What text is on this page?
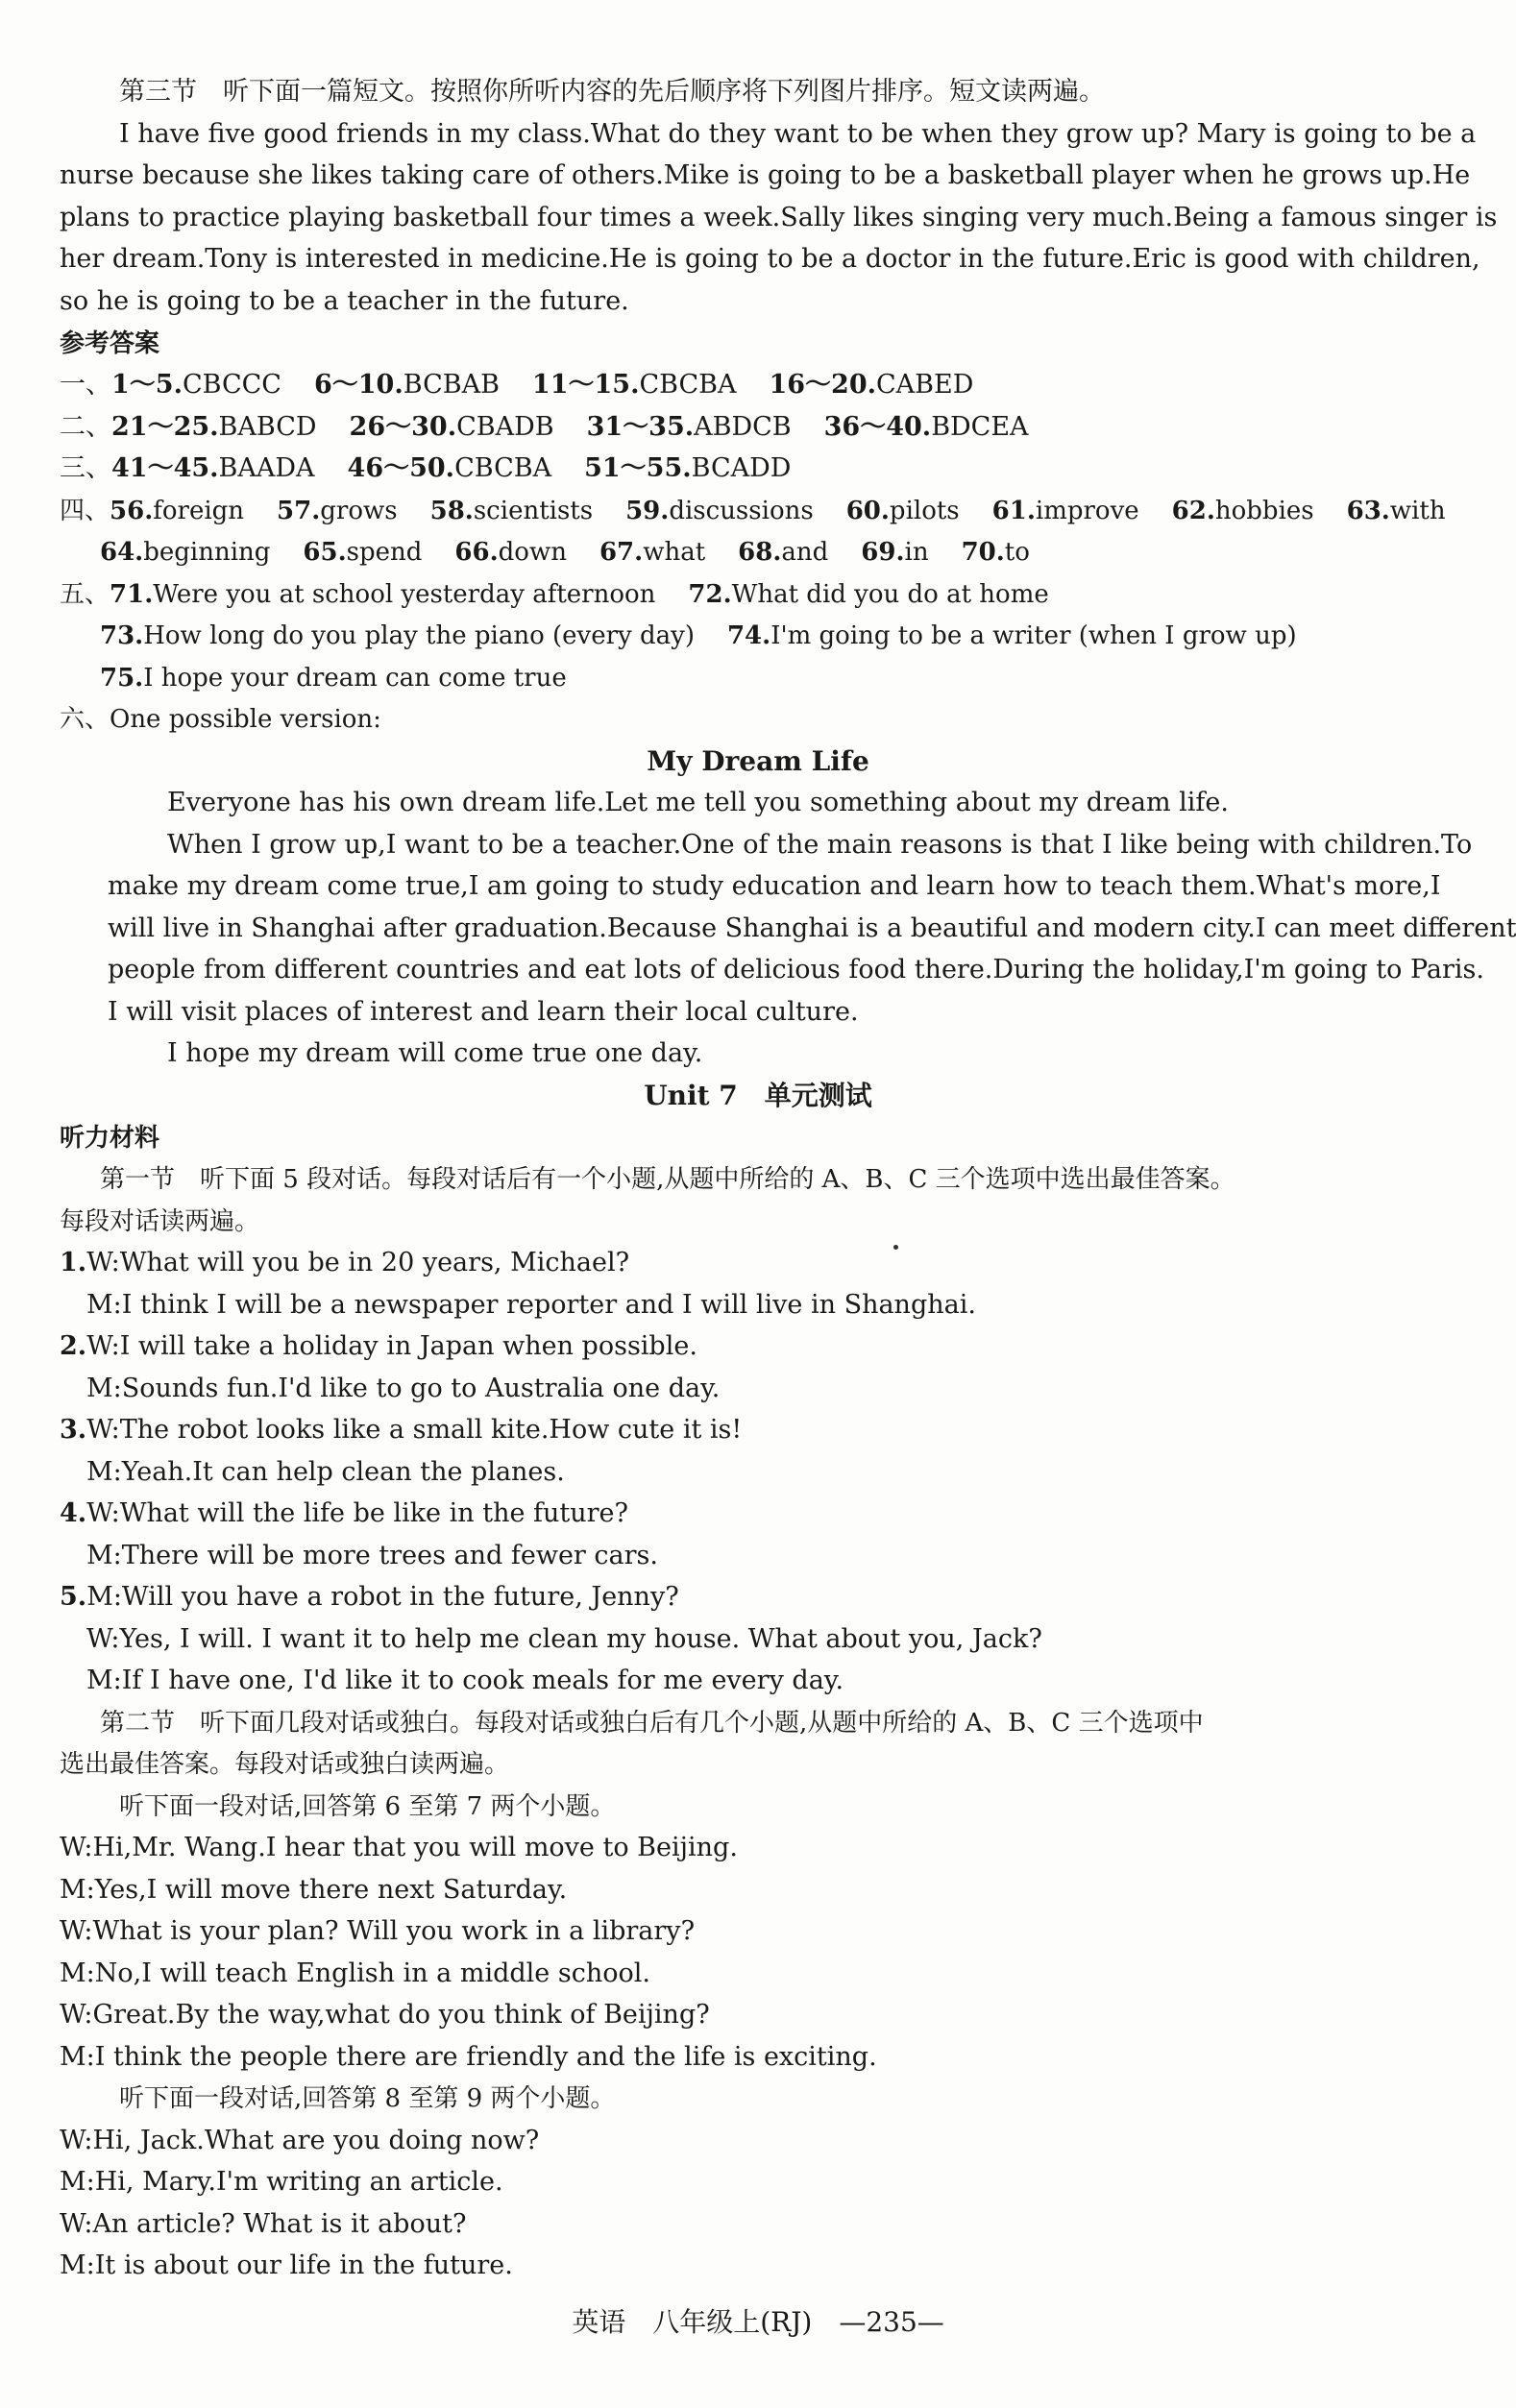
第三节　听下面一篇短文。按照你所听内容的先后顺序将下列图片排序。短文读两遍。
I have five good friends in my class.What do they want to be when they grow up? Mary is going to be a
nurse because she likes taking care of others.Mike is going to be a basketball player when he grows up.He
plans to practice playing basketball four times a week.Sally likes singing very much.Being a famous singer is
her dream.Tony is interested in medicine.He is going to be a doctor in the future.Eric is good with children,
so he is going to be a teacher in the future.
参考答案
一、1～5.CBCCC 6～10.BCBAB 11～15.CBCBA 16～20.CABED
二、21～25.BABCD 26～30.CBADB 31～35.ABDCB 36～40.BDCEA
三、41～45.BAADA 46～50.CBCBA 51～55.BCADD
四、56.foreign 57.grows 58.scientists 59.discussions 60.pilots 61.improve 62.hobbies 63.with
64.beginning 65.spend 66.down 67.what 68.and 69.in 70.to
五、71.Were you at school yesterday afternoon 72.What did you do at home
73.How long do you play the piano (every day) 74.I'm going to be a writer (when I grow up)
75.I hope your dream can come true
六、One possible version:
My Dream Life
Everyone has his own dream life.Let me tell you something about my dream life.
When I grow up,I want to be a teacher.One of the main reasons is that I like being with children.To
make my dream come true,I am going to study education and learn how to teach them.What's more,I
will live in Shanghai after graduation.Because Shanghai is a beautiful and modern city.I can meet different
people from different countries and eat lots of delicious food there.During the holiday,I'm going to Paris.
I will visit places of interest and learn their local culture.
I hope my dream will come true one day.
Unit 7　单元测试
听力材料
第一节　听下面 5 段对话。每段对话后有一个小题,从题中所给的 A、B、C 三个选项中选出最佳答案。
每段对话读两遍。
1.W:What will you be in 20 years, Michael?
M:I think I will be a newspaper reporter and I will live in Shanghai.
2.W:I will take a holiday in Japan when possible.
M:Sounds fun.I'd like to go to Australia one day.
3.W:The robot looks like a small kite.How cute it is!
M:Yeah.It can help clean the planes.
4.W:What will the life be like in the future?
M:There will be more trees and fewer cars.
5.M:Will you have a robot in the future, Jenny?
W:Yes, I will. I want it to help me clean my house. What about you, Jack?
M:If I have one, I'd like it to cook meals for me every day.
第二节　听下面几段对话或独白。每段对话或独白后有几个小题,从题中所给的 A、B、C 三个选项中
选出最佳答案。每段对话或独白读两遍。
听下面一段对话,回答第 6 至第 7 两个小题。
W:Hi,Mr. Wang.I hear that you will move to Beijing.
M:Yes,I will move there next Saturday.
W:What is your plan? Will you work in a library?
M:No,I will teach English in a middle school.
W:Great.By the way,what do you think of Beijing?
M:I think the people there are friendly and the life is exciting.
听下面一段对话,回答第 8 至第 9 两个小题。
W:Hi, Jack.What are you doing now?
M:Hi, Mary.I'm writing an article.
W:An article? What is it about?
M:It is about our life in the future.
英语　八年级上(RJ)　—235—
